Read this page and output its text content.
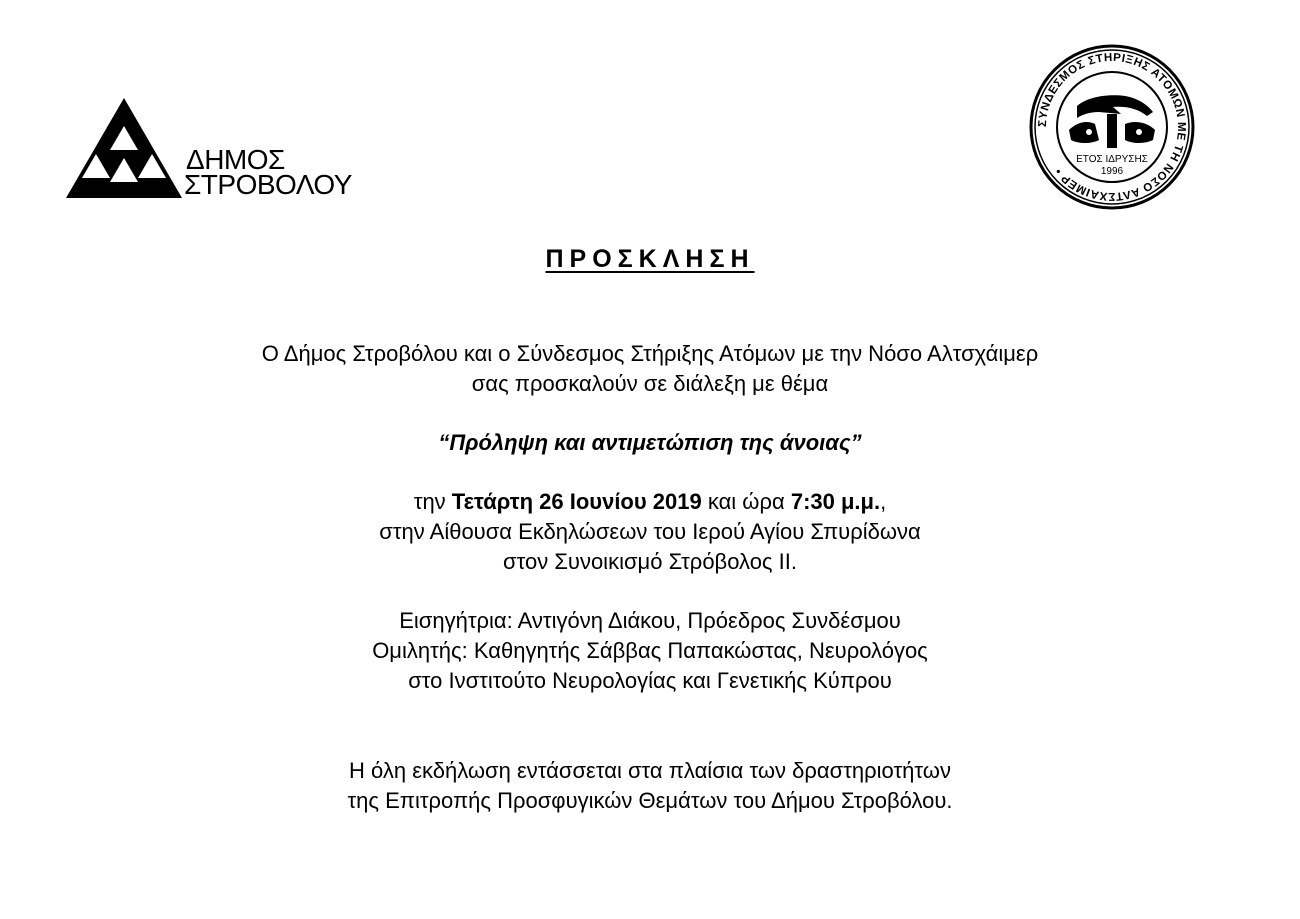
ΔΗΜΟΣ
ΣΤΡΟΒΟΛΟΥ
ΣΥΝΔΕΣΜΟΣ ΣΤΗΡΙΞΗΣ ΑΤΟΜΩΝ ΜΕ ΤΗ ΝΟΣΟ ΑΛΤΣΧΑΙΜΕΡ •
ΕΤΟΣ ΙΔΡΥΣΗΣ
1996
ΠΡΟΣΚΛΗΣΗ

Ο Δήμος Στροβόλου και ο Σύνδεσμος Στήριξης Ατόμων με την Νόσο Αλτσχάιμερ

σας προσκαλούν σε διάλεξη με θέμα

“Πρόληψη και αντιμετώπιση της άνοιας”

την Τετάρτη 26 Ιουνίου 2019 και ώρα 7:30 μ.μ.,

στην Αίθουσα Εκδηλώσεων του Ιερού Αγίου Σπυρίδωνα

στον Συνοικισμό Στρόβολος ΙΙ.

Εισηγήτρια: Αντιγόνη Διάκου, Πρόεδρος Συνδέσμου

Ομιλητής: Καθηγητής Σάββας Παπακώστας, Νευρολόγος

στο Ινστιτούτο Νευρολογίας και Γενετικής Κύπρου

Η όλη εκδήλωση εντάσσεται στα πλαίσια των δραστηριοτήτων

της Επιτροπής Προσφυγικών Θεμάτων του Δήμου Στροβόλου.
